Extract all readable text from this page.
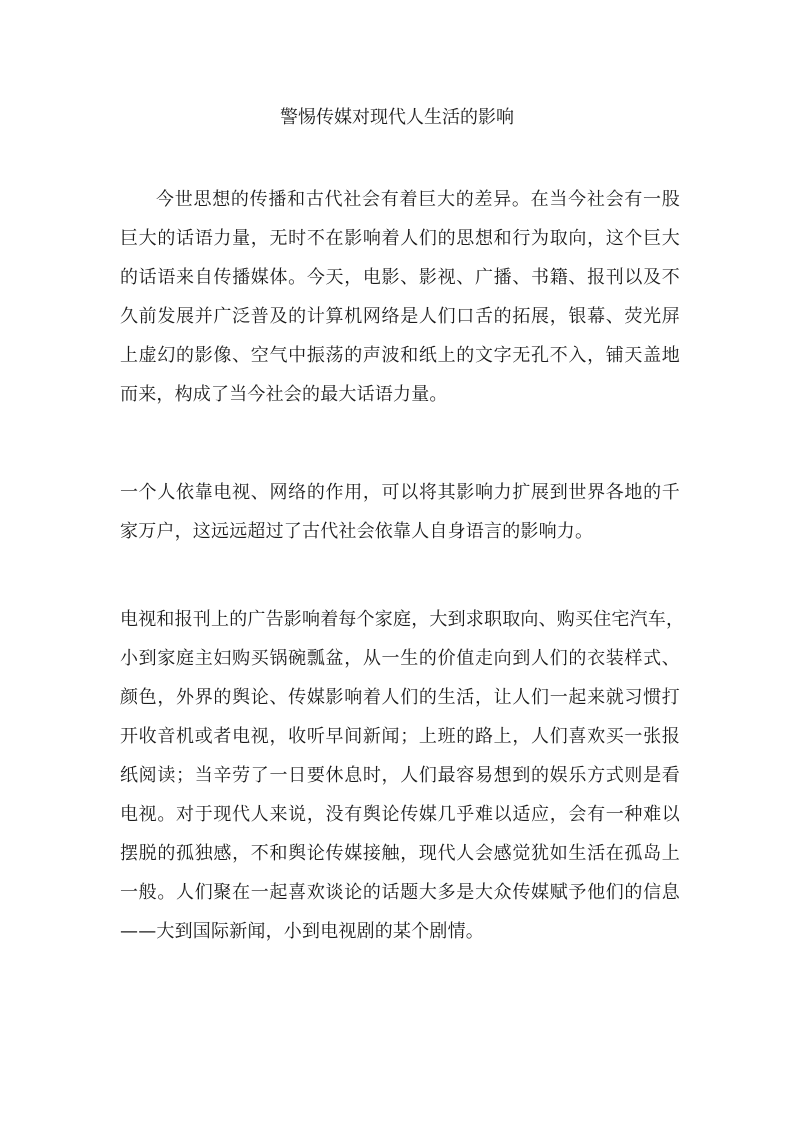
警惕传媒对现代人生活的影响

今世思想的传播和古代社会有着巨大的差异。在当今社会有一股

巨大的话语力量，无时不在影响着人们的思想和行为取向，这个巨大

的话语来自传播媒体。今天，电影、影视、广播、书籍、报刊以及不

久前发展并广泛普及的计算机网络是人们口舌的拓展，银幕、荧光屏

上虚幻的影像、空气中振荡的声波和纸上的文字无孔不入，铺天盖地

而来，构成了当今社会的最大话语力量。

一个人依靠电视、网络的作用，可以将其影响力扩展到世界各地的千

家万户，这远远超过了古代社会依靠人自身语言的影响力。

电视和报刊上的广告影响着每个家庭，大到求职取向、购买住宅汽车，

小到家庭主妇购买锅碗瓢盆，从一生的价值走向到人们的衣装样式、

颜色，外界的舆论、传媒影响着人们的生活，让人们一起来就习惯打

开收音机或者电视，收听早间新闻；上班的路上，人们喜欢买一张报

纸阅读；当辛劳了一日要休息时，人们最容易想到的娱乐方式则是看

电视。对于现代人来说，没有舆论传媒几乎难以适应，会有一种难以

摆脱的孤独感，不和舆论传媒接触，现代人会感觉犹如生活在孤岛上

一般。人们聚在一起喜欢谈论的话题大多是大众传媒赋予他们的信息

——大到国际新闻，小到电视剧的某个剧情。
